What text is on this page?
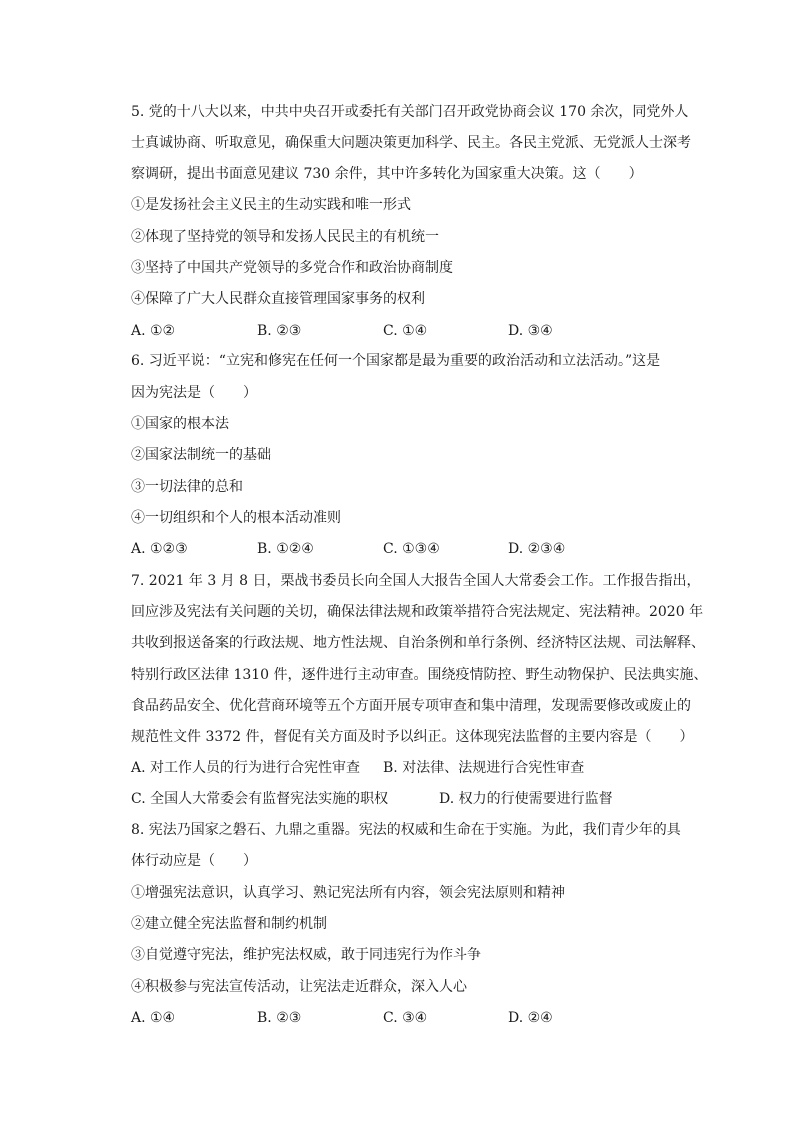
5. 党的十八大以来，中共中央召开或委托有关部门召开政党协商会议 170 余次，同党外人
士真诚协商、听取意见，确保重大问题决策更加科学、民主。各民主党派、无党派人士深考
察调研，提出书面意见建议 730 余件，其中许多转化为国家重大决策。这（　　）
①是发扬社会主义民主的生动实践和唯一形式
②体现了坚持党的领导和发扬人民民主的有机统一
③坚持了中国共产党领导的多党合作和政治协商制度
④保障了广大人民群众直接管理国家事务的权利
A. ①②	B. ②③	C. ①④	D. ③④
6. 习近平说：“立宪和修宪在任何一个国家都是最为重要的政治活动和立法活动。”这是
因为宪法是（　　）
①国家的根本法
②国家法制统一的基础
③一切法律的总和
④一切组织和个人的根本活动准则
A. ①②③	B. ①②④	C. ①③④	D. ②③④
7. 2021 年 3 月 8 日，栗战书委员长向全国人大报告全国人大常委会工作。工作报告指出，
回应涉及宪法有关问题的关切，确保法律法规和政策举措符合宪法规定、宪法精神。2020 年
共收到报送备案的行政法规、地方性法规、自治条例和单行条例、经济特区法规、司法解释、
特别行政区法律 1310 件，逐件进行主动审查。围绕疫情防控、野生动物保护、民法典实施、
食品药品安全、优化营商环境等五个方面开展专项审查和集中清理，发现需要修改或废止的
规范性文件 3372 件，督促有关方面及时予以纠正。这体现宪法监督的主要内容是（　　）
A. 对工作人员的行为进行合宪性审查 B. 对法律、法规进行合宪性审查
C. 全国人大常委会有监督宪法实施的职权	D. 权力的行使需要进行监督
8. 宪法乃国家之磐石、九鼎之重器。宪法的权威和生命在于实施。为此，我们青少年的具
体行动应是（　　）
①增强宪法意识，认真学习、熟记宪法所有内容，领会宪法原则和精神
②建立健全宪法监督和制约机制
③自觉遵守宪法，维护宪法权威，敢于同违宪行为作斗争
④积极参与宪法宣传活动，让宪法走近群众，深入人心
A. ①④	B. ②③	C. ③④	D. ②④
